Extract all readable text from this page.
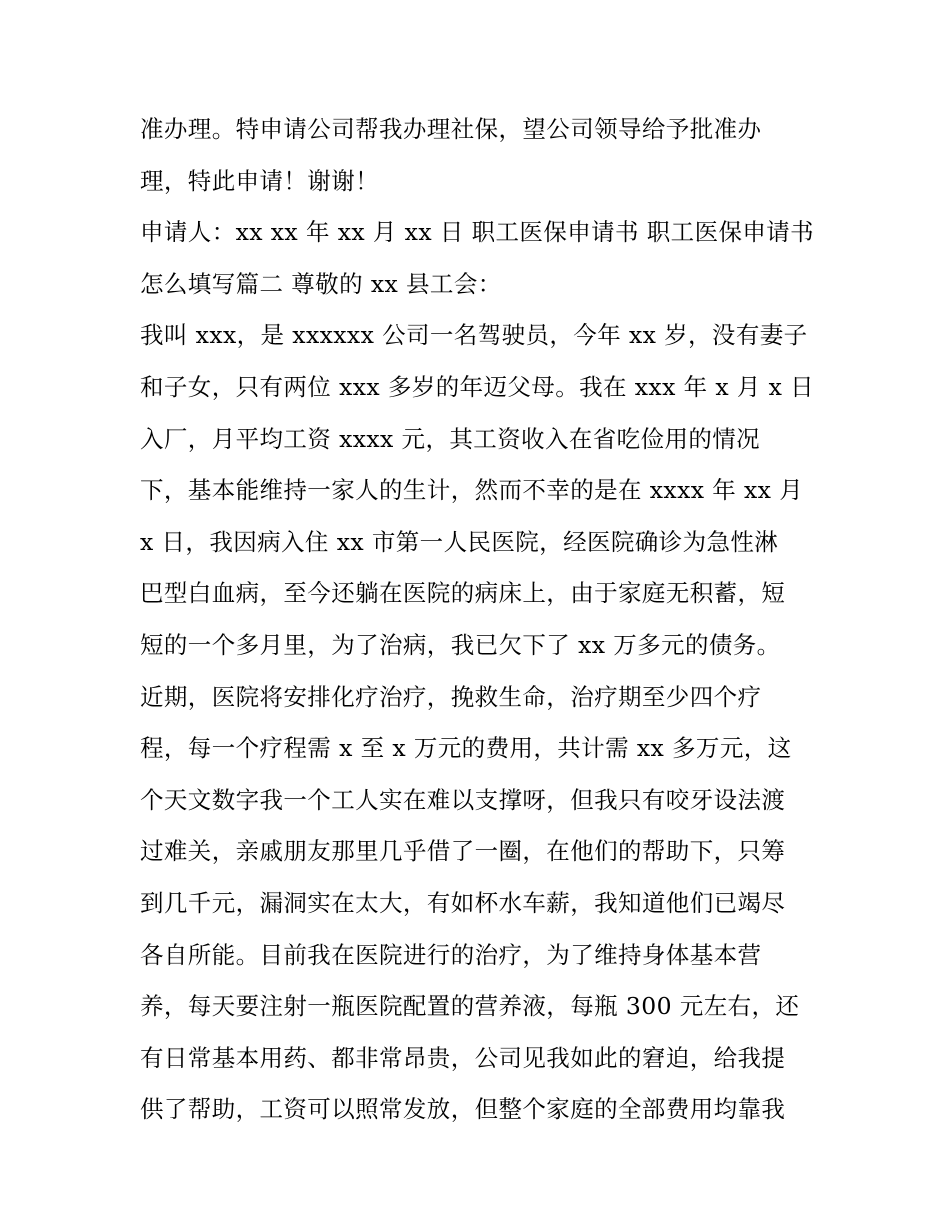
准办理。特申请公司帮我办理社保，望公司领导给予批准办
理，特此申请！谢谢！
申请人：xx xx 年 xx 月 xx 日 职工医保申请书 职工医保申请书
怎么填写篇二 尊敬的 xx 县工会：
我叫 xxx，是 xxxxxx 公司一名驾驶员，今年 xx 岁，没有妻子
和子女，只有两位 xxx 多岁的年迈父母。我在 xxx 年 x 月 x 日
入厂，月平均工资 xxxx 元，其工资收入在省吃俭用的情况
下，基本能维持一家人的生计，然而不幸的是在 xxxx 年 xx 月
x 日，我因病入住 xx 市第一人民医院，经医院确诊为急性淋
巴型白血病，至今还躺在医院的病床上，由于家庭无积蓄，短
短的一个多月里，为了治病，我已欠下了 xx 万多元的债务。
近期，医院将安排化疗治疗，挽救生命，治疗期至少四个疗
程，每一个疗程需 x 至 x 万元的费用，共计需 xx 多万元，这
个天文数字我一个工人实在难以支撑呀，但我只有咬牙设法渡
过难关，亲戚朋友那里几乎借了一圈，在他们的帮助下，只筹
到几千元，漏洞实在太大，有如杯水车薪，我知道他们已竭尽
各自所能。目前我在医院进行的治疗，为了维持身体基本营
养，每天要注射一瓶医院配置的营养液，每瓶 300 元左右，还
有日常基本用药、都非常昂贵，公司见我如此的窘迫，给我提
供了帮助，工资可以照常发放，但整个家庭的全部费用均靠我
